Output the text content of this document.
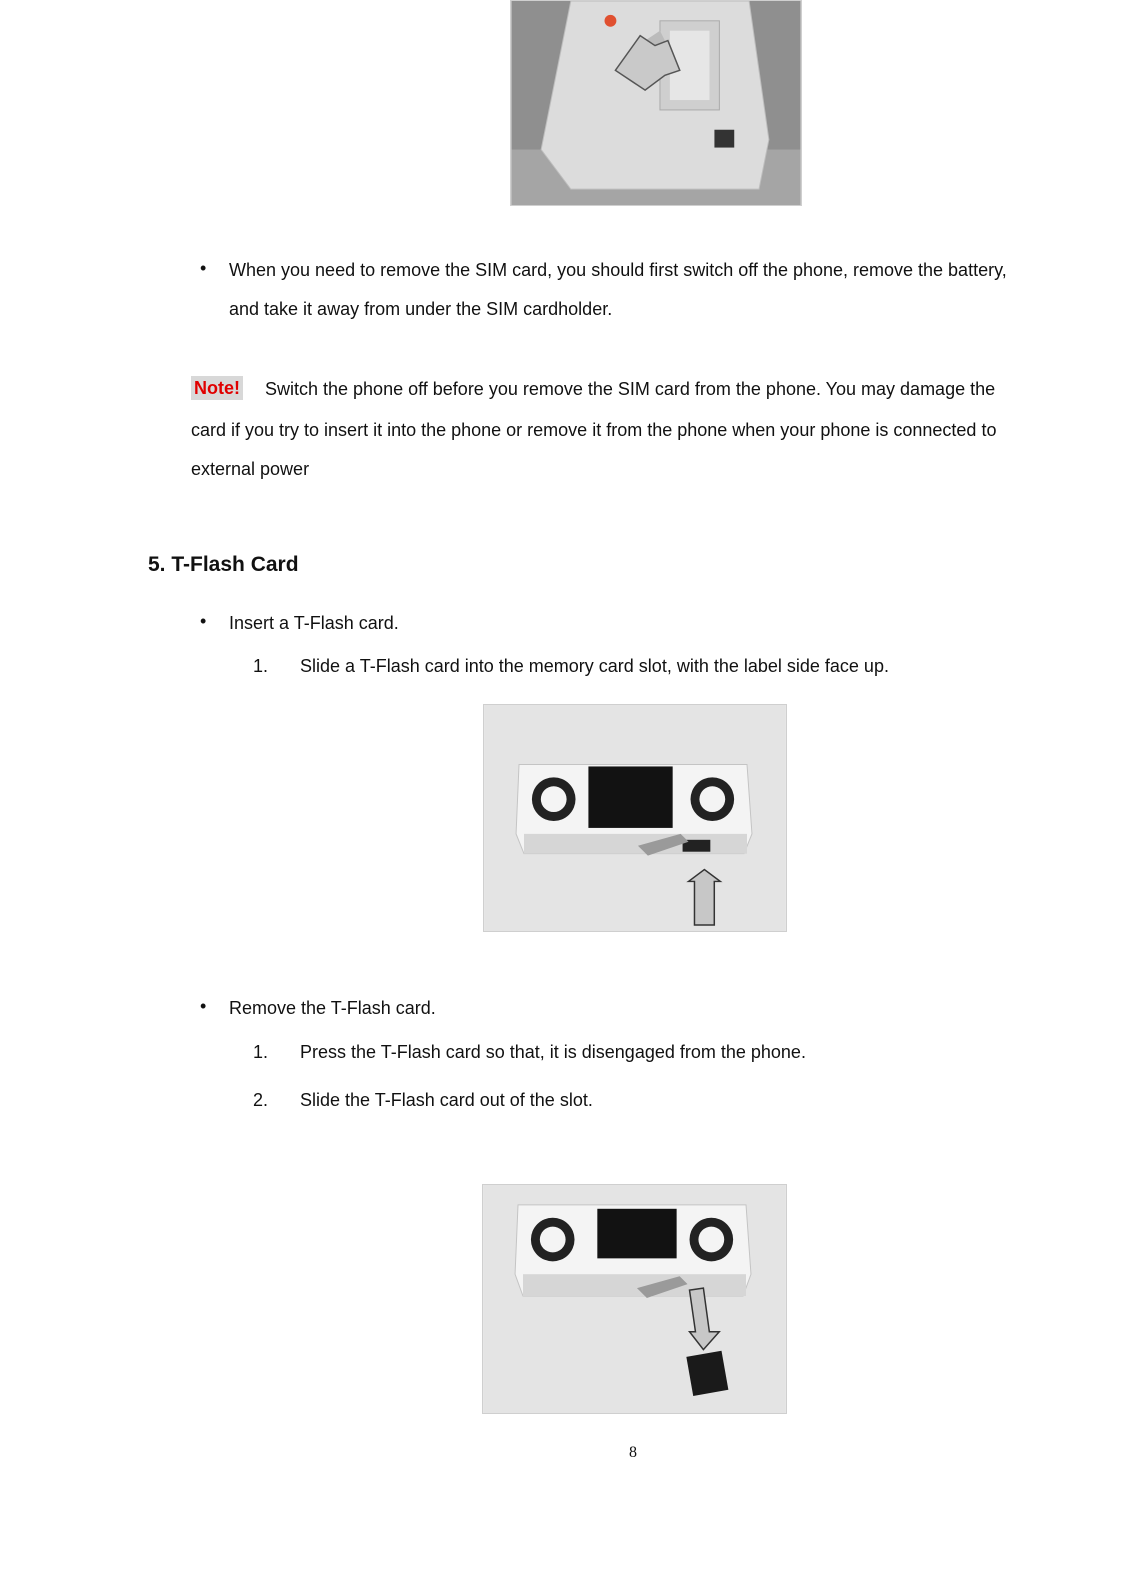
• When you need to remove the SIM card, you should first switch off the phone, remove the battery,
and take it away from under the SIM cardholder.
Note! Switch the phone off before you remove the SIM card from the phone. You may damage the
card if you try to insert it into the phone or remove it from the phone when your phone is connected to
external power
5. T-Flash Card
• Insert a T-Flash card.
1. Slide a T-Flash card into the memory card slot, with the label side face up.
• Remove the T-Flash card.
1. Press the T-Flash card so that, it is disengaged from the phone.
2. Slide the T-Flash card out of the slot.
8
